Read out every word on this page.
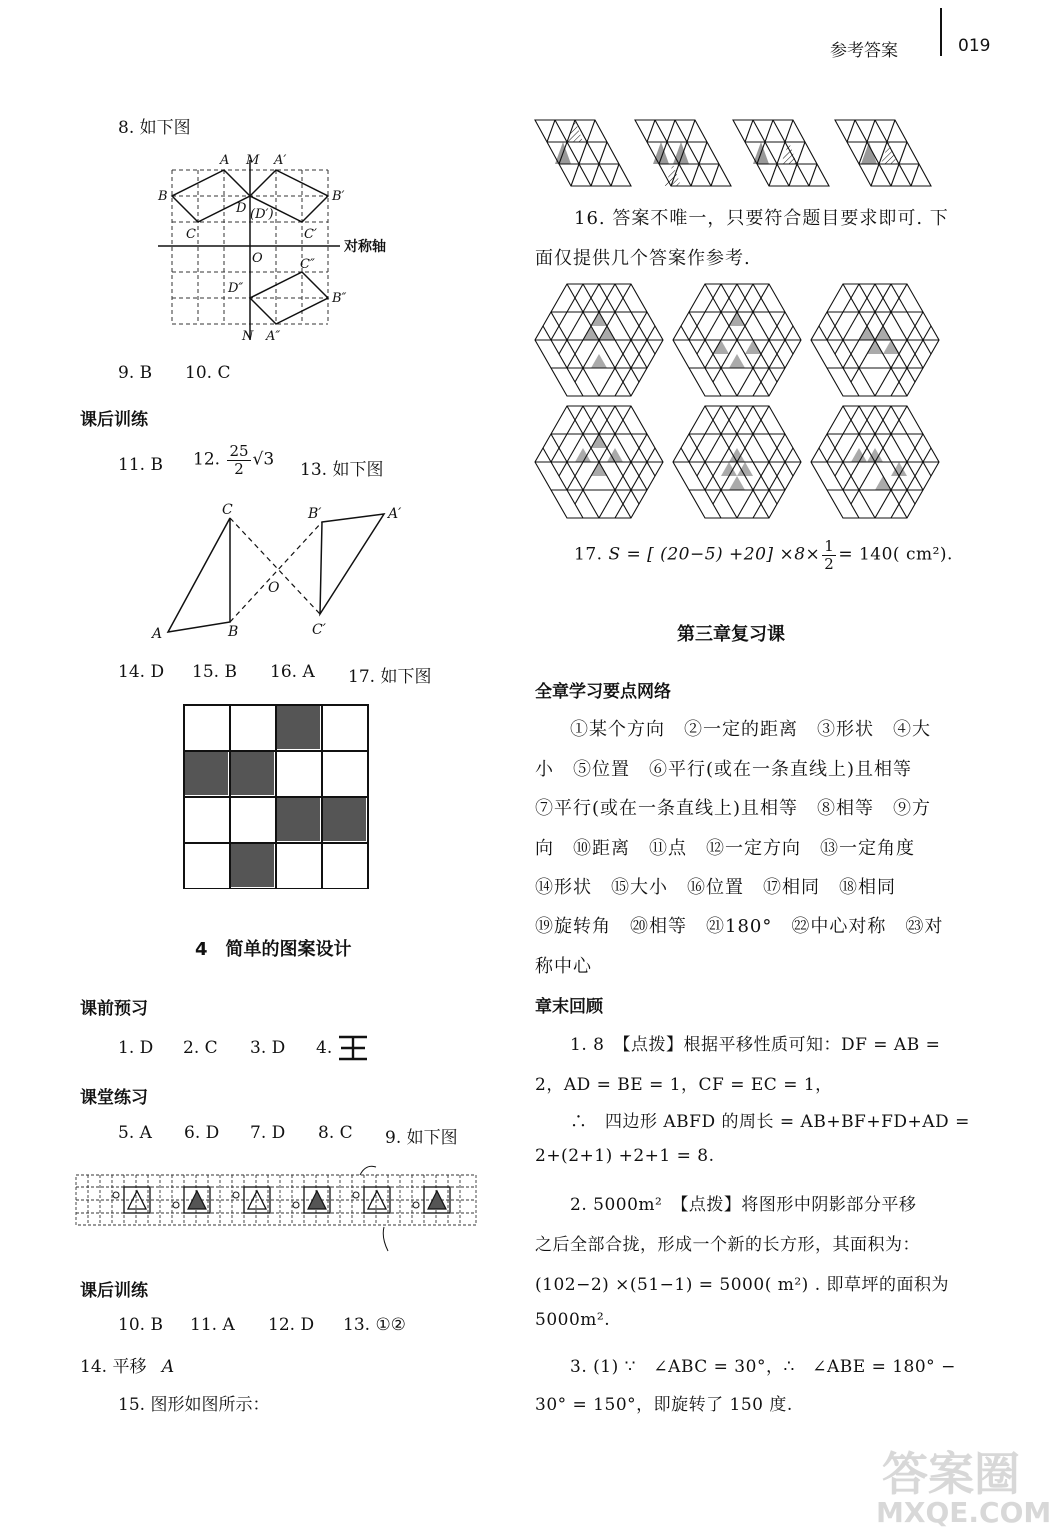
参考答案	019
8. 如下图
A M A′
B	B′
D (D′)
C	C′
O	C″
D″
B″
N A″
对称轴
9. B 10. C
课后训练
11. B 12. $\frac{25}{2} √3$
13. 如下图
C	B′	A′
O
A	B	C′
14. D 15. B 16. A 17. 如下图
4　简单的图案设计
课前预习
1. D 2. C 3. D 4.
课堂练习
5. A 6. D 7. D 8. C 9. 如下图
课后训练
10. B 11. A 12. D 13. ①②
14. 平移 A
15. 图形如图所示：
16. 答案不唯一，只要符合题目要求即可. 下
面仅提供几个答案作参考.
17. S = [ $(20-5) +20] \times 8\times \frac{1}{2} = 140$( cm²).
第三章复习课
全章学习要点网络
①某个方向　②一定的距离　③形状　④大
小　⑤位置　⑥平行(或在一条直线上)且相等
⑦平行(或在一条直线上)且相等　⑧相等　⑨方
向　⑩距离　⑪点　⑫一定方向　⑬一定角度
⑭形状　⑮大小　⑯位置　⑰相同　⑱相同
⑲旋转角　⑳相等　㉑180°　㉒中心对称　㉓对
称中心
章末回顾
1. 8　【点拨】根据平移性质可知：DF = AB =
2，AD = BE = 1，CF = EC = 1，
∴　四边形 ABFD 的周长 = AB+BF+FD+AD =
2+(2+1) +2+1 = 8.
2. 5000m²　【点拨】将图形中阴影部分平移
之后全部合拢，形成一个新的长方形，其面积为：
(102−2) ×(51−1) = 5000( m²) . 即草坪的面积为
5000m².
3. (1) ∵　∠ABC = 30°，∴　∠ABE = 180° −
30° = 150°，即旋转了 150 度.
答案圈
MXQE.COM
